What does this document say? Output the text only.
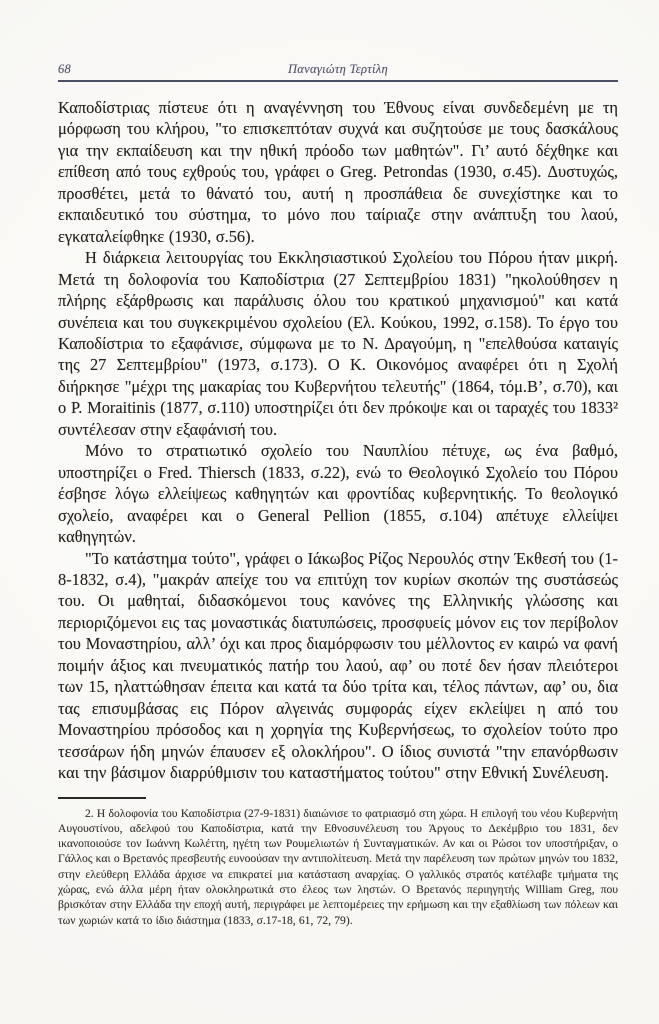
68	Παναγιώτη Τερτίλη

Καποδίστριας πίστευε ότι η αναγέννηση του Έθνους είναι συνδεδεμένη με τη μόρφωση του κλήρου, "το επισκεπτόταν συχνά και συζητούσε με τους δασκάλους για την εκπαίδευση και την ηθική πρόοδο των μαθητών". Γι’ αυτό δέχθηκε και επίθεση από τους εχθρούς του, γράφει ο Greg. Petrondas (1930, σ.45). Δυστυχώς, προσθέτει, μετά το θάνατό του, αυτή η προσπάθεια δε συνεχίστηκε και το εκπαιδευτικό του σύστημα, το μόνο που ταίριαζε στην ανάπτυξη του λαού, εγκαταλείφθηκε (1930, σ.56).

Η διάρκεια λειτουργίας του Εκκλησιαστικού Σχολείου του Πόρου ήταν μικρή. Μετά τη δολοφονία του Καποδίστρια (27 Σεπτεμβρίου 1831) "ηκολούθησεν η πλήρης εξάρθρωσις και παράλυσις όλου του κρατικού μηχανισμού" και κατά συνέπεια και του συγκεκριμένου σχολείου (Ελ. Κούκου, 1992, σ.158). Το έργο του Καποδίστρια το εξαφάνισε, σύμφωνα με το Ν. Δραγούμη, η "επελθούσα καταιγίς της 27 Σεπτεμβρίου" (1973, σ.173). Ο Κ. Οικονόμος αναφέρει ότι η Σχολή διήρκησε "μέχρι της μακαρίας του Κυβερνήτου τελευτής" (1864, τόμ.Β’, σ.70), και ο P. Moraitinis (1877, σ.110) υποστηρίζει ότι δεν πρόκοψε και οι ταραχές του 1833² συντέλεσαν στην εξαφάνισή του.

Μόνο το στρατιωτικό σχολείο του Ναυπλίου πέτυχε, ως ένα βαθμό, υποστηρίζει ο Fred. Thiersch (1833, σ.22), ενώ το Θεολογικό Σχολείο του Πόρου έσβησε λόγω ελλείψεως καθηγητών και φροντίδας κυβερνητικής. Το θεολογικό σχολείο, αναφέρει και ο General Pellion (1855, σ.104) απέτυχε ελλείψει καθηγητών.

"Το κατάστημα τούτο", γράφει ο Ιάκωβος Ρίζος Νερουλός στην Έκθεσή του (1-8-1832, σ.4), "μακράν απείχε του να επιτύχη τον κυρίων σκοπών της συστάσεώς του. Οι μαθηταί, διδασκόμενοι τους κανόνες της Ελληνικής γλώσσης και περιοριζόμενοι εις τας μοναστικάς διατυπώσεις, προσφυείς μόνον εις τον περίβολον του Μοναστηρίου, αλλ’ όχι και προς διαμόρφωσιν του μέλλοντος εν καιρώ να φανή ποιμήν άξιος και πνευματικός πατήρ του λαού, αφ’ ου ποτέ δεν ήσαν πλειότεροι των 15, ηλαττώθησαν έπειτα και κατά τα δύο τρίτα και, τέλος πάντων, αφ’ ου, δια τας επισυμβάσας εις Πόρον αλγεινάς συμφοράς είχεν εκλείψει η από του Μοναστηρίου πρόσοδος και η χορηγία της Κυβερνήσεως, το σχολείον τούτο προ τεσσάρων ήδη μηνών έπαυσεν εξ ολοκλήρου". Ο ίδιος συνιστά "την επανόρθωσιν και την βάσιμον διαρρύθμισιν του καταστήματος τούτου" στην Εθνική Συνέλευση.

2. Η δολοφονία του Καποδίστρια (27-9-1831) διαιώνισε το φατριασμό στη χώρα. Η επιλογή του νέου Κυβερνήτη Αυγουστίνου, αδελφού του Καποδίστρια, κατά την Εθνοσυνέλευση του Άργους το Δεκέμβριο του 1831, δεν ικανοποιούσε τον Ιωάννη Κωλέττη, ηγέτη των Ρουμελιωτών ή Συνταγματικών. Αν και οι Ρώσοι τον υποστήριξαν, ο Γάλλος και ο Βρετανός πρεσβευτής ευνοούσαν την αντιπολίτευση. Μετά την παρέλευση των πρώτων μηνών του 1832, στην ελεύθερη Ελλάδα άρχισε να επικρατεί μια κατάσταση αναρχίας. Ο γαλλικός στρατός κατέλαβε τμήματα της χώρας, ενώ άλλα μέρη ήταν ολοκληρωτικά στο έλεος των ληστών. Ο Βρετανός περιηγητής William Greg, που βρισκόταν στην Ελλάδα την εποχή αυτή, περιγράφει με λεπτομέρειες την ερήμωση και την εξαθλίωση των πόλεων και των χωριών κατά το ίδιο διάστημα (1833, σ.17-18, 61, 72, 79).
